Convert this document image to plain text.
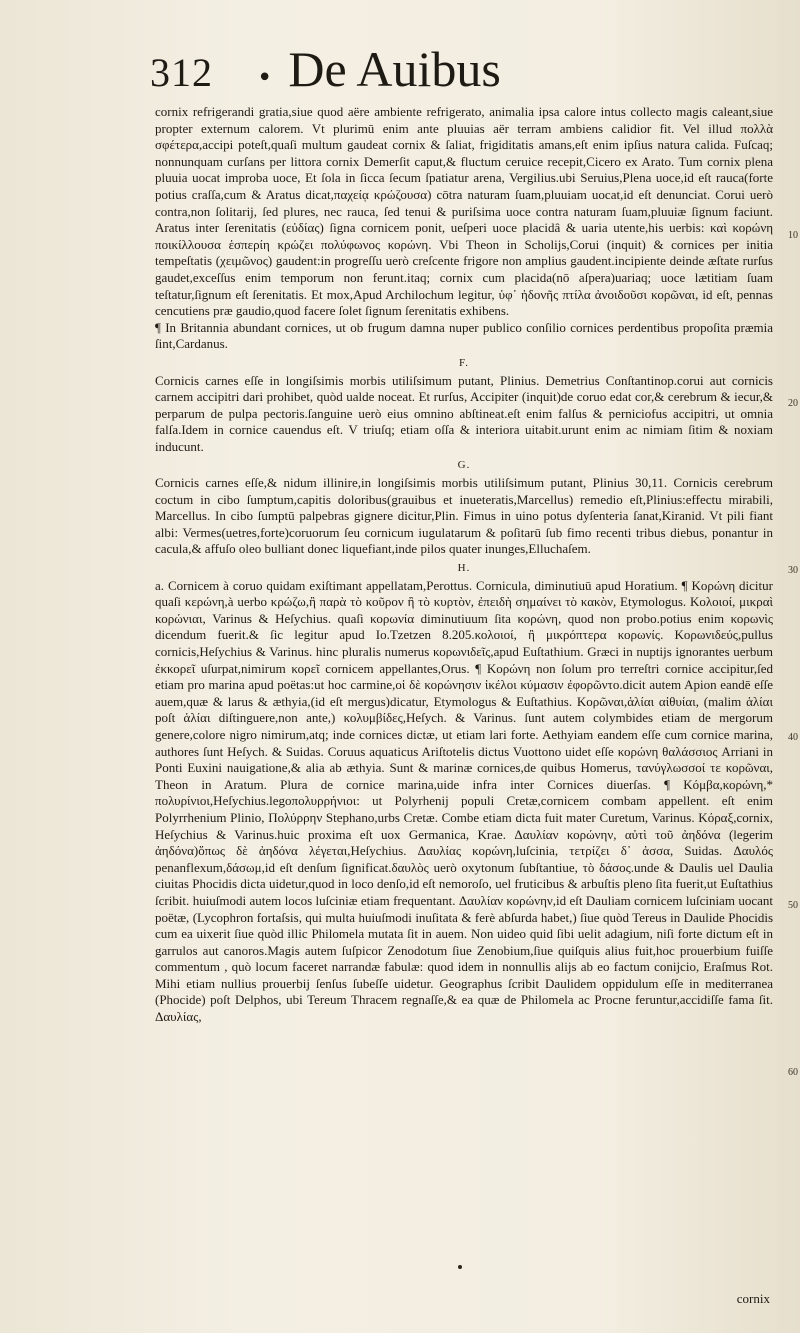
312 • De Auibus

cornix refrigerandi gratia,siue quod aëre ambiente refrigerato, animalia ipsa calore intus collecto magis caleant,siue propter externum calorem. Vt plurimū enim ante pluuias aër terram ambiens calidior fit. Vel illud πολλὰ σφέτερα,accipi poteſt,quaſi multum gaudeat cornix & ſaliat, frigiditatis amans,eſt enim ipſius natura calida. Fuſcaq; nonnunquam curſans per littora cornix Demerſit caput,& fluctum ceruice recepit,Cicero ex Arato. Tum cornix plena pluuia uocat improba uoce, Et ſola in ſicca ſecum ſpatiatur arena, Vergilius.ubi Seruius,Plena uoce,id eſt rauca(forte potius craſſa,cum & Aratus dicat,παχείᾳ κρώζουσα) cōtra naturam ſuam,pluuiam uocat,id eſt denunciat. Corui uerò contra,non ſolitarij, ſed plures, nec rauca, ſed tenui & puriſsima uoce contra naturam ſuam,pluuiæ ſignum faciunt. Aratus inter ſerenitatis (εὐδίας) ſigna cornicem ponit, ueſperi uoce placidâ & uaria utente,his uerbis: καὶ κορώνη ποικίλλουσα ἑσπερίη κρώζει πολύφωνος κορώνη. Vbi Theon in Scholijs,Corui (inquit) & cornices per initia tempeſtatis (χειμῶνος) gaudent:in progreſſu uerò creſcente frigore non amplius gaudent.incipiente deinde æſtate rurſus gaudet,exceſſus enim temporum non ferunt.itaq; cornix cum placida(nō aſpera)uariaq; uoce lætitiam ſuam teſtatur,ſignum eſt ſerenitatis. Et mox,Apud Archilochum legitur, ὑφ᾽ ἡδονῆς πτίλα ἀνοιδοῦσι κορῶναι, id eſt, pennas cencutiens præ gaudio,quod facere ſolet ſignum ſerenitatis exhibens.

¶ In Britannia abundant cornices, ut ob frugum damna nuper publico conſilio cornices perdentibus propoſita præmia ſint,Cardanus.

F.

Cornicis carnes eſſe in longiſsimis morbis utiliſsimum putant, Plinius. Demetrius Conſtantinop.corui aut cornicis carnem accipitri dari prohibet, quòd ualde noceat. Et rurſus, Accipiter (inquit)de coruo edat cor,& cerebrum & iecur,& perparum de pulpa pectoris.ſanguine uerò eius omnino abſtineat.eſt enim falſus & perniciofus accipitri, ut omnia falſa.Idem in cornice cauendus eſt. V triuſq; etiam oſſa & interiora uitabit.urunt enim ac nimiam ſitim & noxiam inducunt.

G.

Cornicis carnes eſſe,& nidum illinire,in longiſsimis morbis utiliſsimum putant, Plinius 30,11. Cornicis cerebrum coctum in cibo ſumptum,capitis doloribus(grauibus et inueteratis,Marcellus) remedio eſt,Plinius:effectu mirabili, Marcellus. In cibo ſumptū palpebras gignere dicitur,Plin. Fimus in uino potus dyſenteria ſanat,Kiranid. Vt pili fiant albi: Vermes(uetres,forte)coruorum ſeu cornicum iugulatarum & poſitarū ſub fimo recenti tribus diebus, ponantur in cacula,& affuſo oleo bulliant donec liquefiant,inde pilos quater inunges,Elluchaſem.

H.

a. Cornicem à coruo quidam exiſtimant appellatam,Perottus. Cornicula, diminutiuū apud Horatium. ¶ Κορώνη dicitur quaſi κερώνη,à uerbo κρώζω,ἢ παρὰ τὸ κοῦρον ἢ τὸ κυρτὸν, ἐπειδὴ σημαίνει τὸ κακὸν, Etymologus. Κολοιοί, μικραὶ κορώνιαι, Varinus & Heſychius. quaſi κορωνία diminutiuum ſita κορώνη, quod non probo.potius enim κορωνὶς dicendum fuerit.& ſic legitur apud Io.Tzetzen 8.205.κολοιοί, ἢ μικρόπτερα κορωνίς. Κορωνιδεύς,pullus cornicis,Heſychius & Varinus. hinc pluralis numerus κορωνιδεῖς,apud Euſtathium. Græci in nuptijs ignorantes uerbum ἐκκορεῖ uſurpat,nimirum κορεῖ cornicem appellantes,Orus. ¶ Κορώνη non ſolum pro terreſtri cornice accipitur,ſed etiam pro marina apud poëtas:ut hoc carmine,οἱ δὲ κορώνησιν ἰκέλοι κύμασιν ἐφορῶντο.dicit autem Apion eandē eſſe auem,quæ & larus & æthyia,(id eſt mergus)dicatur, Etymologus & Euſtathius. Κορῶναι,ἁλίαι αἰθυίαι, (malim ἁλίαι poſt ἁλίαι diſtinguere,non ante,) κολυμβίδες,Heſych. & Varinus. ſunt autem colymbides etiam de mergorum genere,colore nigro nimirum,atq; inde cornices dictæ, ut etiam lari forte. Aethyiam eandem eſſe cum cornice marina, authores ſunt Heſych. & Suidas. Coruus aquaticus Ariſtotelis dictus Vuottono uidet eſſe κορώνη θαλάσσιος Arriani in Ponti Euxini nauigatione,& alia ab æthyia. Sunt & marinæ cornices,de quibus Homerus, τανύγλωσσοί τε κορῶναι, Theon in Aratum. Plura de cornice marina,uide infra inter Cornices diuerſas. ¶ Κόμβα,κορώνη,* πολυρίνιοι,Heſychius.legoπολυρρήνιοι: ut Polyrhenij populi Cretæ,cornicem combam appellent. eſt enim Polyrrhenium Plinio, Πολύρρην Stephano,urbs Cretæ. Combe etiam dicta fuit mater Curetum, Varinus. Κόραξ,cornix, Heſychius & Varinus.huic proxima eſt uox Germanica, Krae. Δαυλίαν κορώνην, αὐτὶ τοῦ ἀηδόνα (legerim ἀηδόνα)ὅπως δὲ ἀηδόνα λέγεται,Heſychius. Δαυλίας κορώνη,luſcinia, τετρίζει δ᾽ ἀσσα, Suidas. Δαυλός penanflexum,δάσωμ,id eſt denſum ſignificat.δαυλὸς uerò oxytonum ſubſtantiue, τὸ δάσος.unde & Daulis uel Daulia ciuitas Phocidis dicta uidetur,quod in loco denſo,id eſt nemoroſo, uel fruticibus & arbuſtis pleno ſita fuerit,ut Euſtathius ſcribit. huiuſmodi autem locos luſciniæ etiam frequentant. Δαυλίαν κορώνην,id eſt Dauliam cornicem luſciniam uocant poëtæ, (Lycophron fortaſsis, qui multa huiuſmodi inuſitata & ferè abſurda habet,) ſiue quòd Tereus in Daulide Phocidis cum ea uixerit ſiue quòd illic Philomela mutata ſit in auem. Non uideo quid ſibi uelit adagium, niſi forte dictum eſt in garrulos aut canoros.Magis autem ſuſpicor Zenodotum ſiue Zenobium,ſiue quiſquis alius fuit,hoc prouerbium fuiſſe commentum , quò locum faceret narrandæ fabulæ: quod idem in nonnullis alijs ab eo factum conijcio, Eraſmus Rot. Mihi etiam nullius prouerbij ſenſus ſubeſſe uidetur. Geographus ſcribit Daulidem oppidulum eſſe in mediterranea (Phocide) poſt Delphos, ubi Tereum Thracem regnaſſe,& ea quæ de Philomela ac Procne feruntur,accidiſſe fama ſit. Δαυλίας,

10
20
30
40
50
60
cornix
